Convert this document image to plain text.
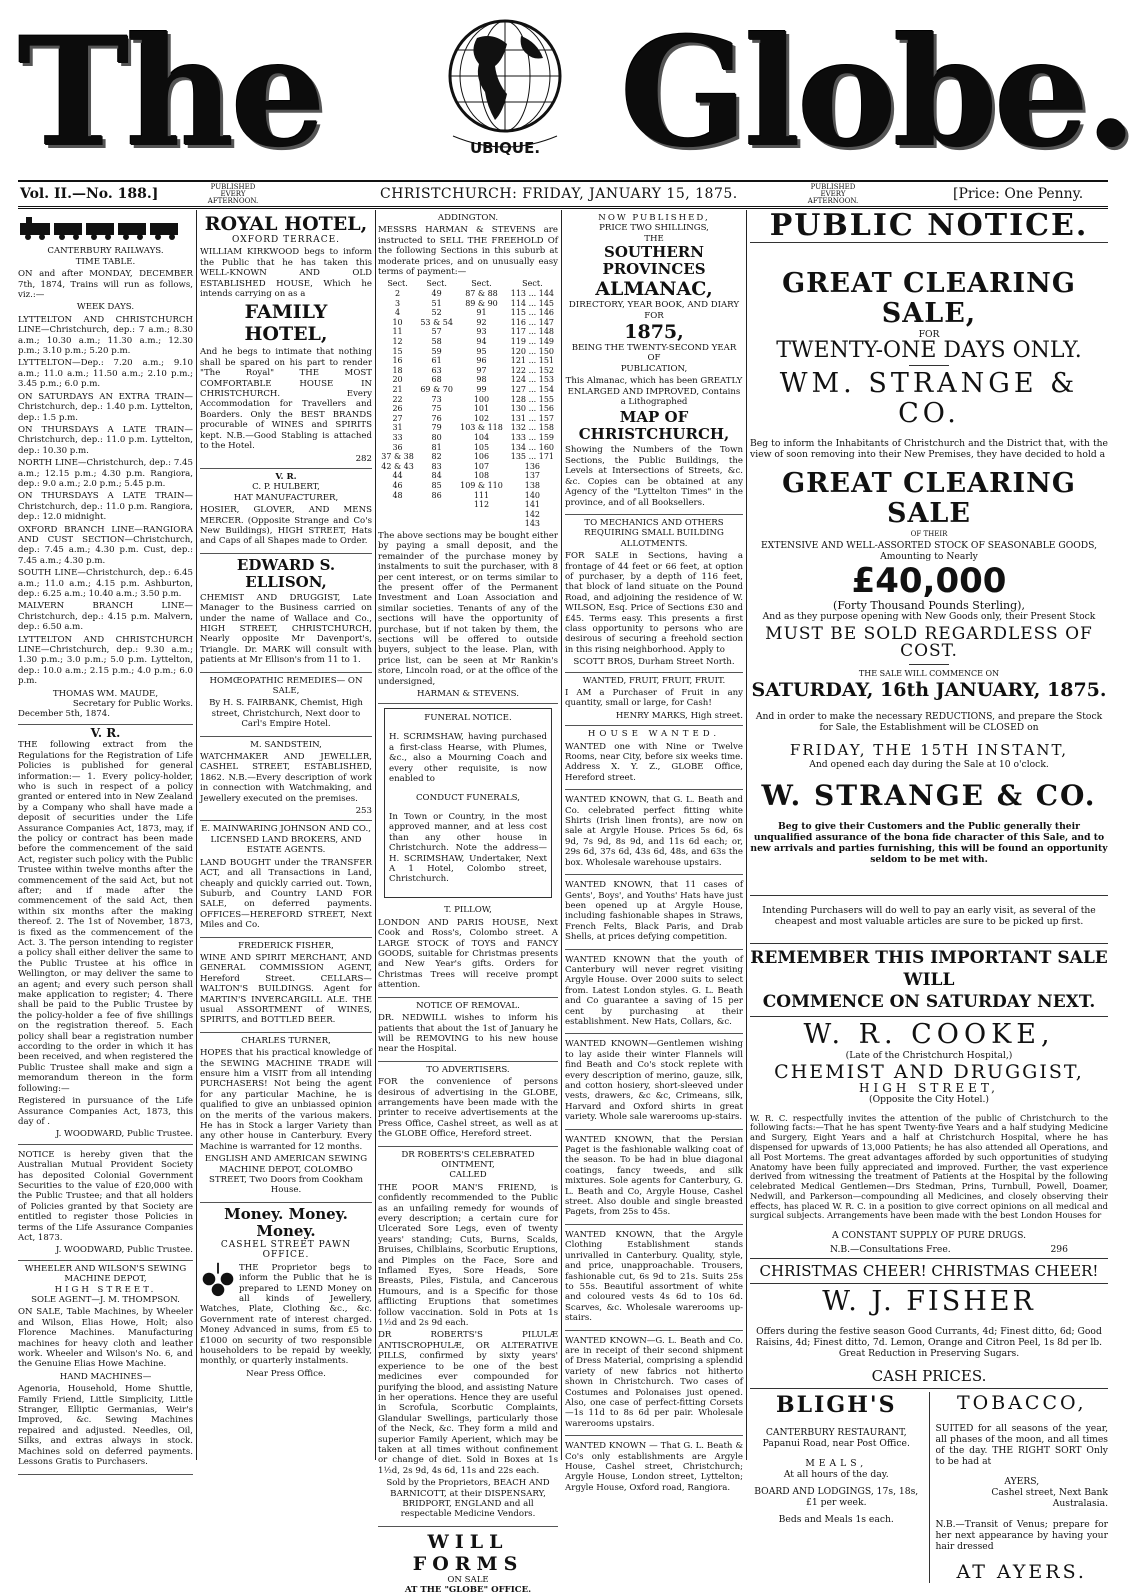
The	UBIQUE. Globe.
Vol. II.—No. 188.]	PUBLISHED EVERY AFTERNOON.	CHRISTCHURCH: FRIDAY, JANUARY 15, 1875.	PUBLISHED EVERY AFTERNOON.	[Price: One Penny.
CANTERBURY RAILWAYS.
TIME TABLE.

ON and after MONDAY, DECEMBER 7th, 1874, Trains will run as follows, viz.:—

WEEK DAYS.

LYTTELTON AND CHRISTCHURCH LINE—Christchurch, dep.: 7 a.m.; 8.30 a.m.; 10.30 a.m.; 11.30 a.m.; 12.30 p.m.; 3.10 p.m.; 5.20 p.m.

LYTTELTON—Dep.: 7.20 a.m.; 9.10 a.m.; 11.0 a.m.; 11.50 a.m.; 2.10 p.m.; 3.45 p.m.; 6.0 p.m.

ON SATURDAYS AN EXTRA TRAIN—Christchurch, dep.: 1.40 p.m. Lyttelton, dep.: 1.5 p.m.

ON THURSDAYS A LATE TRAIN—Christchurch, dep.: 11.0 p.m. Lyttelton, dep.: 10.30 p.m.

NORTH LINE—Christchurch, dep.: 7.45 a.m.; 12.15 p.m.; 4.30 p.m. Rangiora, dep.: 9.0 a.m.; 2.0 p.m.; 5.45 p.m.

ON THURSDAYS A LATE TRAIN—Christchurch, dep.: 11.0 p.m. Rangiora, dep.: 12.0 midnight.

OXFORD BRANCH LINE—RANGIORA AND CUST SECTION—Christchurch, dep.: 7.45 a.m.; 4.30 p.m. Cust, dep.: 7.45 a.m.; 4.30 p.m.

SOUTH LINE—Christchurch, dep.: 6.45 a.m.; 11.0 a.m.; 4.15 p.m. Ashburton, dep.: 6.25 a.m.; 10.40 a.m.; 3.50 p.m.

MALVERN BRANCH LINE—Christchurch, dep.: 4.15 p.m. Malvern, dep.: 6.50 a.m.

LYTTELTON AND CHRISTCHURCH LINE—Christchurch, dep.: 9.30 a.m.; 1.30 p.m.; 3.0 p.m.; 5.0 p.m. Lyttelton, dep.: 10.0 a.m.; 2.15 p.m.; 4.0 p.m.; 6.0 p.m.

THOMAS WM. MAUDE,
Secretary for Public Works.
December 5th, 1874.
V. R.

THE following extract from the Regulations for the Registration of Life Policies is published for general information:— 1. Every policy-holder, who is such in respect of a policy granted or entered into in New Zealand by a Company who shall have made a deposit of securities under the Life Assurance Companies Act, 1873, may, if the policy or contract has been made before the commencement of the said Act, register such policy with the Public Trustee within twelve months after the commencement of the said Act, but not after; and if made after the commencement of the said Act, then within six months after the making thereof. 2. The 1st of November, 1873, is fixed as the commencement of the Act. 3. The person intending to register a policy shall either deliver the same to the Public Trustee at his office in Wellington, or may deliver the same to an agent; and every such person shall make application to register; 4. There shall be paid to the Public Trustee by the policy-holder a fee of five shillings on the registration thereof. 5. Each policy shall bear a registration number according to the order in which it has been received, and when registered the Public Trustee shall make and sign a memorandum thereon in the form following:—

Registered in pursuance of the Life Assurance Companies Act, 1873, this day of .

J. WOODWARD, Public Trustee.

NOTICE is hereby given that the Australian Mutual Provident Society has deposited Colonial Government Securities to the value of £20,000 with the Public Trustee; and that all holders of Policies granted by that Society are entitled to register those Policies in terms of the Life Assurance Companies Act, 1873.

J. WOODWARD, Public Trustee.
WHEELER AND WILSON'S SEWING MACHINE DEPOT,
HIGH STREET.
SOLE AGENT—J. M. THOMPSON.

ON SALE, Table Machines, by Wheeler and Wilson, Elias Howe, Holt; also Florence Machines. Manufacturing machines for heavy cloth and leather work. Wheeler and Wilson's No. 6, and the Genuine Elias Howe Machine.

HAND MACHINES—

Agenoria, Household, Home Shuttle, Family Friend, Little Simplicity, Little Stranger, Elliptic Germanias, Weir's Improved, &c. Sewing Machines repaired and adjusted. Needles, Oil, Silks, and extras always in stock. Machines sold on deferred payments. Lessons Gratis to Purchasers.

ROYAL HOTEL,
OXFORD TERRACE.

WILLIAM KIRKWOOD begs to inform the Public that he has taken this WELL-KNOWN AND OLD ESTABLISHED HOUSE, Which he intends carrying on as a

FAMILY HOTEL,

And he begs to intimate that nothing shall be spared on his part to render "The Royal" THE MOST COMFORTABLE HOUSE IN CHRISTCHURCH. Every Accommodation for Travellers and Boarders. Only the BEST BRANDS procurable of WINES and SPIRITS kept. N.B.—Good Stabling is attached to the Hotel.

282
V. R.
C. P. HULBERT,
HAT MANUFACTURER,

HOSIER, GLOVER, AND MENS MERCER. (Opposite Strange and Co's New Buildings), HIGH STREET, Hats and Caps of all Shapes made to Order.

EDWARD S. ELLISON,

CHEMIST AND DRUGGIST, Late Manager to the Business carried on under the name of Wallace and Co., HIGH STREET, CHRISTCHURCH, Nearly opposite Mr Davenport's, Triangle. Dr. MARK will consult with patients at Mr Ellison's from 11 to 1.

HOMŒOPATHIC REMEDIES— ON SALE,

By H. S. FAIRBANK, Chemist, High street, Christchurch, Next door to Carl's Empire Hotel.

M. SANDSTEIN,

WATCHMAKER AND JEWELLER, CASHEL STREET, ESTABLISHED, 1862. N.B.—Every description of work in connection with Watchmaking, and Jewellery executed on the premises.

253
E. MAINWARING JOHNSON AND CO., LICENSED LAND BROKERS, AND ESTATE AGENTS.

LAND BOUGHT under the TRANSFER ACT, and all Transactions in Land, cheaply and quickly carried out. Town, Suburb, and Country LAND FOR SALE, on deferred payments. OFFICES—HEREFORD STREET, Next Miles and Co.

FREDERICK FISHER,

WINE AND SPIRIT MERCHANT, AND GENERAL COMMISSION AGENT, Hereford Street. CELLARS—WALTON'S BUILDINGS. Agent for MARTIN'S INVERCARGILL ALE. THE usual ASSORTMENT of WINES, SPIRITS, and BOTTLED BEER.

CHARLES TURNER,

HOPES that his practical knowledge of the SEWING MACHINE TRADE will ensure him a VISIT from all intending PURCHASERS! Not being the agent for any particular Machine, he is qualified to give an unbiassed opinion on the merits of the various makers. He has in Stock a larger Variety than any other house in Canterbury. Every Machine is warranted for 12 months.

ENGLISH AND AMERICAN SEWING MACHINE DEPOT, COLOMBO STREET, Two Doors from Cookham House.

Money. Money. Money.
CASHEL STREET PAWN OFFICE.

THE Proprietor begs to inform the Public that he is prepared to LEND Money on all kinds of Jewellery, Watches, Plate, Clothing &c., &c. Government rate of interest charged. Money Advanced in sums, from £5 to £1000 on security of two responsible householders to be repaid by weekly, monthly, or quarterly instalments.

Near Press Office.
ADDINGTON.

MESSRS HARMAN & STEVENS are instructed to SELL THE FREEHOLD Of the following Sections in this suburb at moderate prices, and on unusually easy terms of payment:—

Sect.	Sect.	Sect.	Sect.
2	49	87 & 88	113 ... 144
3	51	89 & 90	114 ... 145
4	52	91	115 ... 146
10	53 & 54	92	116 ... 147
11	57	93	117 ... 148
12	58	94	119 ... 149
15	59	95	120 ... 150
16	61	96	121 ... 151
18	63	97	122 ... 152
20	68	98	124 ... 153
21	69 & 70	99	127 ... 154
22	73	100	128 ... 155
26	75	101	130 ... 156
27	76	102	131 ... 157
31	79	103 & 118	132 ... 158
33	80	104	133 ... 159
36	81	105	134 ... 160
37 & 38	82	106	135 ... 171
42 & 43	83	107	136
44	84	108	137
46	85	109 & 110	138
48	86	111	140
		112	141
			142
			143

The above sections may be bought either by paying a small deposit, and the remainder of the purchase money by instalments to suit the purchaser, with 8 per cent interest, or on terms similar to the present offer of the Permanent Investment and Loan Association and similar societies. Tenants of any of the sections will have the opportunity of purchase, but if not taken by them, the sections will be offered to outside buyers, subject to the lease. Plan, with price list, can be seen at Mr Rankin's store, Lincoln road, or at the office of the undersigned,

HARMAN & STEVENS.
FUNERAL NOTICE.

H. SCRIMSHAW, having purchased a first-class Hearse, with Plumes, &c., also a Mourning Coach and every other requisite, is now enabled to

CONDUCT FUNERALS,

In Town or Country, in the most approved manner, and at less cost than any other house in Christchurch. Note the address— H. SCRIMSHAW, Undertaker, Next A 1 Hotel, Colombo street, Christchurch.

T. PILLOW,

LONDON AND PARIS HOUSE, Next Cook and Ross's, Colombo street. A LARGE STOCK of TOYS and FANCY GOODS, suitable for Christmas presents and New Year's gifts. Orders for Christmas Trees will receive prompt attention.

NOTICE OF REMOVAL.

DR. NEDWILL wishes to inform his patients that about the 1st of January he will be REMOVING to his new house near the Hospital.

TO ADVERTISERS.

FOR the convenience of persons desirous of advertising in the GLOBE, arrangements have been made with the printer to receive advertisements at the Press Office, Cashel street, as well as at the GLOBE Office, Hereford street.

DR ROBERTS'S CELEBRATED OINTMENT,
CALLED

THE POOR MAN'S FRIEND, is confidently recommended to the Public as an unfailing remedy for wounds of every description; a certain cure for Ulcerated Sore Legs, even of twenty years' standing; Cuts, Burns, Scalds, Bruises, Chilblains, Scorbutic Eruptions, and Pimples on the Face, Sore and Inflamed Eyes, Sore Heads, Sore Breasts, Piles, Fistula, and Cancerous Humours, and is a Specific for those afflicting Eruptions that sometimes follow vaccination. Sold in Pots at 1s 1½d and 2s 9d each.

DR ROBERTS'S PILULÆ ANTISCROPHULÆ, OR ALTERATIVE PILLS, confirmed by sixty years' experience to be one of the best medicines ever compounded for purifying the blood, and assisting Nature in her operations. Hence they are useful in Scrofula, Scorbutic Complaints, Glandular Swellings, particularly those of the Neck, &c. They form a mild and superior Family Aperient, which may be taken at all times without confinement or change of diet. Sold in Boxes at 1s 1½d, 2s 9d, 4s 6d, 11s and 22s each.

Sold by the Proprietors, BEACH AND BARNICOTT, at their DISPENSARY, BRIDPORT, ENGLAND and all respectable Medicine Vendors.

WILL FORMS
ON SALE
AT THE "GLOBE" OFFICE.
NOW PUBLISHED,
PRICE TWO SHILLINGS,
THE
SOUTHERN PROVINCES
ALMANAC,
DIRECTORY, YEAR BOOK, AND DIARY
FOR
1875,
BEING THE TWENTY-SECOND YEAR
OF
PUBLICATION,

This Almanac, which has been GREATLY ENLARGED AND IMPROVED, Contains a Lithographed

MAP OF CHRISTCHURCH,

Showing the Numbers of the Town Sections, the Public Buildings, the Levels at Intersections of Streets, &c. &c. Copies can be obtained at any Agency of the "Lyttelton Times" in the province, and of all Booksellers.

TO MECHANICS AND OTHERS REQUIRING SMALL BUILDING ALLOTMENTS.

FOR SALE in Sections, having a frontage of 44 feet or 66 feet, at option of purchaser, by a depth of 116 feet, that block of land situate on the Pound Road, and adjoining the residence of W. WILSON, Esq. Price of Sections £30 and £45. Terms easy. This presents a first class opportunity to persons who are desirous of securing a freehold section in this rising neighborhood. Apply to

SCOTT BROS, Durham Street North.
WANTED, FRUIT, FRUIT, FRUIT.

I AM a Purchaser of Fruit in any quantity, small or large, for Cash!

HENRY MARKS, High street.
HOUSE WANTED.

WANTED one with Nine or Twelve Rooms, near City, before six weeks time. Address X. Y. Z., GLOBE Office, Hereford street.

WANTED KNOWN, that G. L. Beath and Co. celebrated perfect fitting white Shirts (Irish linen fronts), are now on sale at Argyle House. Prices 5s 6d, 6s 9d, 7s 9d, 8s 9d, and 11s 6d each; or, 29s 6d, 37s 6d, 43s 6d, 48s, and 63s the box. Wholesale warehouse upstairs.

WANTED KNOWN, that 11 cases of Gents', Boys', and Youths' Hats have just been opened up at Argyle House, including fashionable shapes in Straws, French Felts, Black Paris, and Drab Shells, at prices defying competition.

WANTED KNOWN that the youth of Canterbury will never regret visiting Argyle House. Over 2000 suits to select from. Latest London styles. G. L. Beath and Co guarantee a saving of 15 per cent by purchasing at their establishment. New Hats, Collars, &c.

WANTED KNOWN—Gentlemen wishing to lay aside their winter Flannels will find Beath and Co's stock replete with every description of merino, gauze, silk, and cotton hosiery, short-sleeved under vests, drawers, &c &c, Crimeans, silk, Harvard and Oxford shirts in great variety. Whole sale warerooms up-stairs.

WANTED KNOWN, that the Persian Paget is the fashionable walking coat of the season. To be had in blue diagonal coatings, fancy tweeds, and silk mixtures. Sole agents for Canterbury, G. L. Beath and Co, Argyle House, Cashel street. Also double and single breasted Pagets, from 25s to 45s.

WANTED KNOWN, that the Argyle Clothing Establishment stands unrivalled in Canterbury. Quality, style, and price, unapproachable. Trousers, fashionable cut, 6s 9d to 21s. Suits 25s to 55s. Beautiful assortment of white and coloured vests 4s 6d to 10s 6d. Scarves, &c. Wholesale warerooms up-stairs.

WANTED KNOWN—G. L. Beath and Co. are in receipt of their second shipment of Dress Material, comprising a splendid variety of new fabrics not hitherto shown in Christchurch. Two cases of Costumes and Polonaises just opened. Also, one case of perfect-fitting Corsets—1s 11d to 8s 6d per pair. Wholesale warerooms upstairs.

WANTED KNOWN — That G. L. Beath & Co's only establishments are Argyle House, Cashel street, Christchurch; Argyle House, London street, Lyttelton; Argyle House, Oxford road, Rangiora.

PUBLIC NOTICE.
GREAT CLEARING SALE,
FOR
TWENTY-ONE DAYS ONLY.
WM. STRANGE & CO.

Beg to inform the Inhabitants of Christchurch and the District that, with the view of soon removing into their New Premises, they have decided to hold a

GREAT CLEARING SALE
OF THEIR
EXTENSIVE AND WELL-ASSORTED STOCK OF SEASONABLE GOODS,
Amounting to Nearly
£40,000
(Forty Thousand Pounds Sterling),
And as they purpose opening with New Goods only, their Present Stock
MUST BE SOLD REGARDLESS OF COST.
THE SALE WILL COMMENCE ON
SATURDAY, 16th JANUARY, 1875.

And in order to make the necessary REDUCTIONS, and prepare the Stock for Sale, the Establishment will be CLOSED on

FRIDAY, THE 15TH INSTANT,
And opened each day during the Sale at 10 o'clock.
W. STRANGE & CO.

Beg to give their Customers and the Public generally their unqualified assurance of the bona fide character of this Sale, and to new arrivals and parties furnishing, this will be found an opportunity seldom to be met with.

Intending Purchasers will do well to pay an early visit, as several of the cheapest and most valuable articles are sure to be picked up first.

REMEMBER THIS IMPORTANT SALE WILL
COMMENCE ON SATURDAY NEXT.
W. R. COOKE,
(Late of the Christchurch Hospital,)
CHEMIST AND DRUGGIST,
HIGH STREET,
(Opposite the City Hotel.)

W. R. C. respectfully invites the attention of the public of Christchurch to the following facts:—That he has spent Twenty-five Years and a half studying Medicine and Surgery, Eight Years and a half at Christchurch Hospital, where he has dispensed for upwards of 13,000 Patients; he has also attended all Operations, and all Post Mortems. The great advantages afforded by such opportunities of studying Anatomy have been fully appreciated and improved. Further, the vast experience derived from witnessing the treatment of Patients at the Hospital by the following celebrated Medical Gentlemen—Drs Stedman, Prins, Turnbull, Powell, Doamer, Nedwill, and Parkerson—compounding all Medicines, and closely observing their effects, has placed W. R. C. in a position to give correct opinions on all medical and surgical subjects. Arrangements have been made with the best London Houses for

A CONSTANT SUPPLY OF PURE DRUGS.
N.B.—Consultations Free.	296
CHRISTMAS CHEER! CHRISTMAS CHEER!
W. J. FISHER

Offers during the festive season Good Currants, 4d; Finest ditto, 6d; Good Raisins, 4d; Finest ditto, 7d. Lemon, Orange and Citron Peel, 1s 8d per lb. Great Reduction in Preserving Sugars.

CASH PRICES.
BLIGH'S

CANTERBURY RESTAURANT, Papanui Road, near Post Office.

MEALS,
At all hours of the day.
BOARD AND LODGINGS, 17s, 18s, £1 per week.
Beds and Meals 1s each.
TOBACCO,

SUITED for all seasons of the year, all phases of the moon, and all times of the day. THE RIGHT SORT Only to be had at

AYERS,
Cashel street, Next Bank Australasia.

N.B.—Transit of Venus; prepare for her next appearance by having your hair dressed

AT AYERS.
